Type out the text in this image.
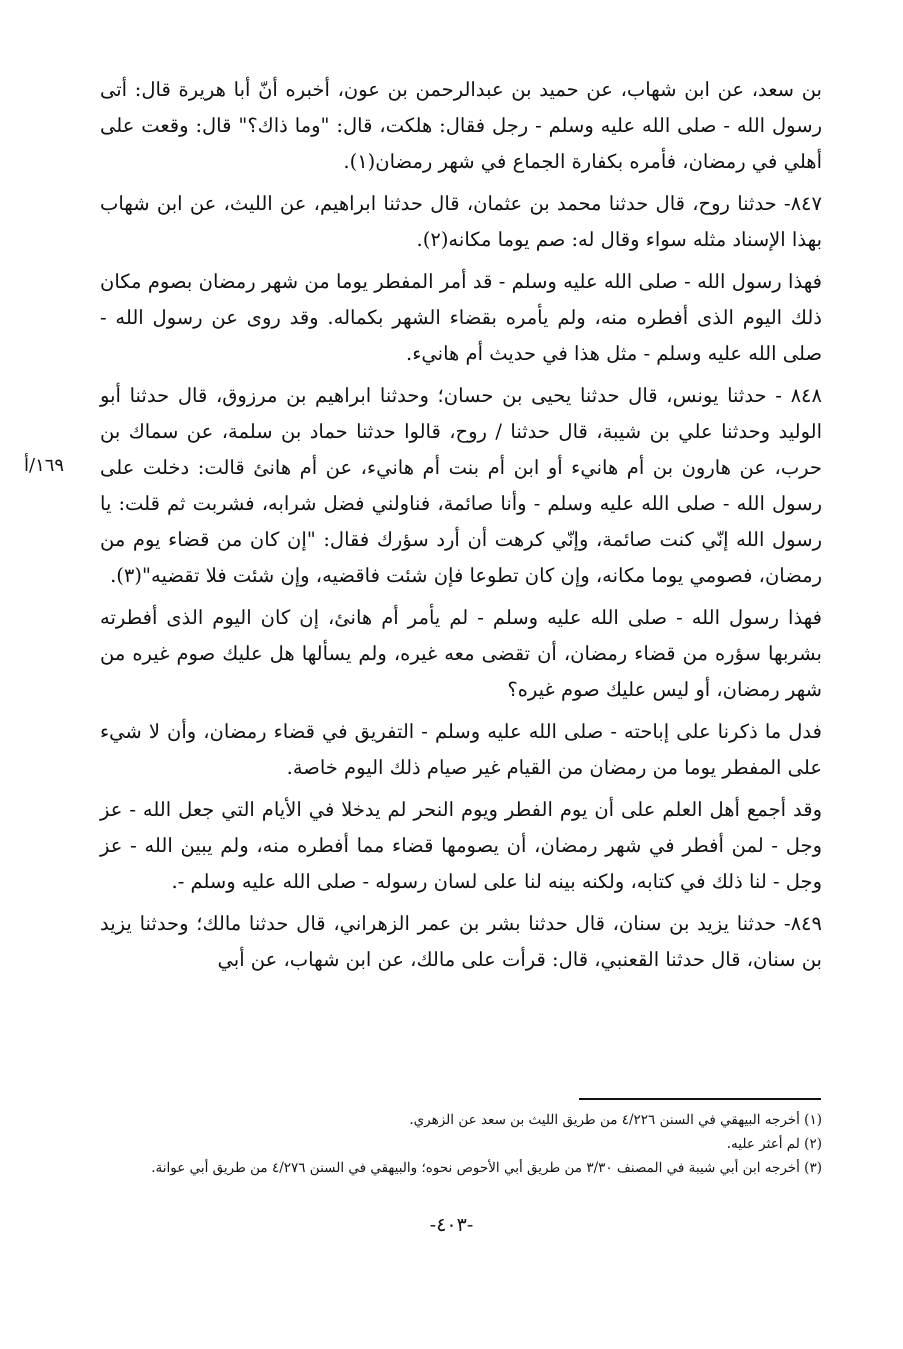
بن سعد، عن ابن شهاب، عن حميد بن عبدالرحمن بن عون، أخبره أنّ أبا هريرة قال: أتى رسول الله - صلى الله عليه وسلم - رجل فقال: هلكت، قال: "وما ذاك؟" قال: وقعت على أهلي في رمضان، فأمره بكفارة الجماع في شهر رمضان(١).

٨٤٧- حدثنا روح، قال حدثنا محمد بن عثمان، قال حدثنا ابراهيم، عن الليث، عن ابن شهاب بهذا الإسناد مثله سواء وقال له: صم يوما مكانه(٢).

فهذا رسول الله - صلى الله عليه وسلم - قد أمر المفطر يوما من شهر رمضان بصوم مكان ذلك اليوم الذى أفطره منه، ولم يأمره بقضاء الشهر بكماله. وقد روى عن رسول الله - صلى الله عليه وسلم - مثل هذا في حديث أم هانيء.

٨٤٨ - حدثنا يونس، قال حدثنا يحيى بن حسان؛ وحدثنا ابراهيم بن مرزوق، قال حدثنا أبو الوليد وحدثنا علي بن شيبة، قال حدثنا / روح، قالوا حدثنا حماد بن سلمة، عن سماك بن حرب، عن هارون بن أم هانيء أو ابن أم بنت أم هانيء، عن أم هانئ قالت: دخلت على رسول الله - صلى الله عليه وسلم - وأنا صائمة، فناولني فضل شرابه، فشربت ثم قلت: يا رسول الله إنّي كنت صائمة، وإنّي كرهت أن أرد سؤرك فقال: "إن كان من قضاء يوم من رمضان، فصومي يوما مكانه، وإن كان تطوعا فإن شئت فاقضيه، وإن شئت فلا تقضيه"(٣).

فهذا رسول الله - صلى الله عليه وسلم - لم يأمر أم هانئ، إن كان اليوم الذى أفطرته بشربها سؤره من قضاء رمضان، أن تقضى معه غيره، ولم يسألها هل عليك صوم غيره من شهر رمضان، أو ليس عليك صوم غيره؟

فدل ما ذكرنا على إباحته - صلى الله عليه وسلم - التفريق في قضاء رمضان، وأن لا شيء على المفطر يوما من رمضان من القيام غير صيام ذلك اليوم خاصة.

وقد أجمع أهل العلم على أن يوم الفطر ويوم النحر لم يدخلا في الأيام التي جعل الله - عز وجل - لمن أفطر في شهر رمضان، أن يصومها قضاء مما أفطره منه، ولم يبين الله - عز وجل - لنا ذلك في كتابه، ولكنه بينه لنا على لسان رسوله - صلى الله عليه وسلم -.

٨٤٩- حدثنا يزيد بن سنان، قال حدثنا بشر بن عمر الزهراني، قال حدثنا مالك؛ وحدثنا يزيد بن سنان، قال حدثنا القعنبي، قال: قرأت على مالك، عن ابن شهاب، عن أبي

١٦٩/أ

(١) أخرجه البيهقي في السنن ٤/٢٢٦ من طريق الليث بن سعد عن الزهري.

(٢) لم أعثر عليه.

(٣) أخرجه ابن أبي شيبة في المصنف ٣/٣٠ من طريق أبي الأحوص نحوه؛ والبيهقي في السنن ٤/٢٧٦ من طريق أبي عوانة.

-٤٠٣-
